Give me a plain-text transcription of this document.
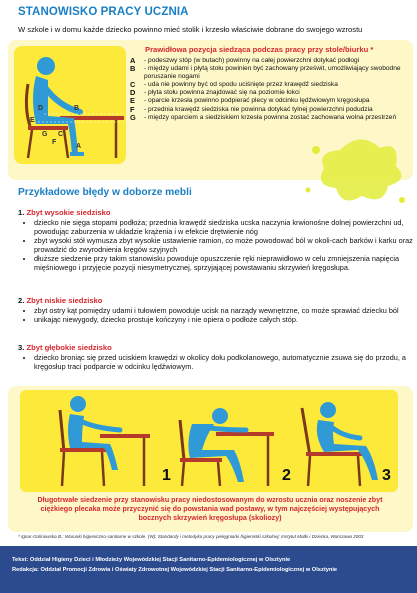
STANOWISKO PRACY UCZNIA
W szkole i w domu każde dziecko powinno mieć stolik i krzesło właściwie dobrane do swojego wzrostu
D	B
E
G C
F
A
Prawidłowa pozycja siedząca podczas pracy przy stole/biurku *
A	- podeszwy stóp (w butach) powinny na całej powierzchni dotykać podłogi
B	- między udami i płytą stołu powinien być zachowany prześwit, umożliwiający swobodne poruszanie nogami
C	- uda nie powinny być od spodu uciśnięte przez krawędź siedziska
D	- płyta stołu powinna znajdować się na poziomie łokci
E	- oparcie krzesła powinno podpierać plecy w odcinku lędźwiowym kręgosłupa
F	- przednia krawędź siedziska nie powinna dotykać tylnej powierzchni podudzia
G	- między oparciem a siedziskiem krzesła powinna zostać zachowana wolna przestrzeń
Przykładowe błędy w doborze mebli
1. Zbyt wysokie siedzisko
• dziecko nie sięga stopami podłoża; przednia krawędź siedziska ucska naczynia krwionośne dolnej powierzchni ud, powodując zaburzenia w układzie krążenia i w efekcie drętwienie nóg
• zbyt wysoki stół wymusza zbyt wysokie ustawienie ramion, co może powodować ból w okoli-cach barków i karku oraz prowadzić do zwyrodnienia kręgów szyjnych
• dłuższe siedzenie przy takim stanowisku powoduje opuszczenie ręki nieprawidłowo w celu zmniejszenia napięcia mięśniowego i przyjęcie pozycji niesymetrycznej, sprzyjającej powstawaniu skrzywień kręgosłupa.
2. Zbyt niskie siedzisko
• zbyt ostry kąt pomiędzy udami i tułowiem powoduje ucisk na narządy wewnętrzne, co może sprawiać dziecku ból
• unikając niewygody, dziecko prostuje kończyny i nie opiera o podłoże całych stóp.
3. Zbyt głębokie siedzisko
• dziecko broniąc się przed uciskiem krawędzi w okolicy dołu podkolanowego, automatycznie zsuwa się do przodu, a kręgosłup traci podparcie w odcinku lędźwiowym.
1	2	3
Długotrwałe siedzenie przy stanowisku pracy niedostosowanym do wzrostu ucznia oraz noszenie zbyt ciężkiego plecaka może przyczynić się do powstania wad postawy, w tym najczęściej występujących bocznych skrzywień kręgosłupa (skoliozy)
* Ignar-Golinowska B.: Warunki higieniczno-sanitarne w szkole. (W): Standardy i metodyka pracy pielęgniarki higienistki szkolnej; Instytut Matki i Dziecka, Warszawa 2003
Tekst: Oddział Higieny Dzieci i Młodzieży Wojewódzkiej Stacji Sanitarno-Epidemiologicznej w Olsztynie
Redakcja: Oddział Promocji Zdrowia i Oświaty Zdrowotnej Wojewódzkiej Stacji Sanitarno-Epidemiologicznej w Olsztynie
